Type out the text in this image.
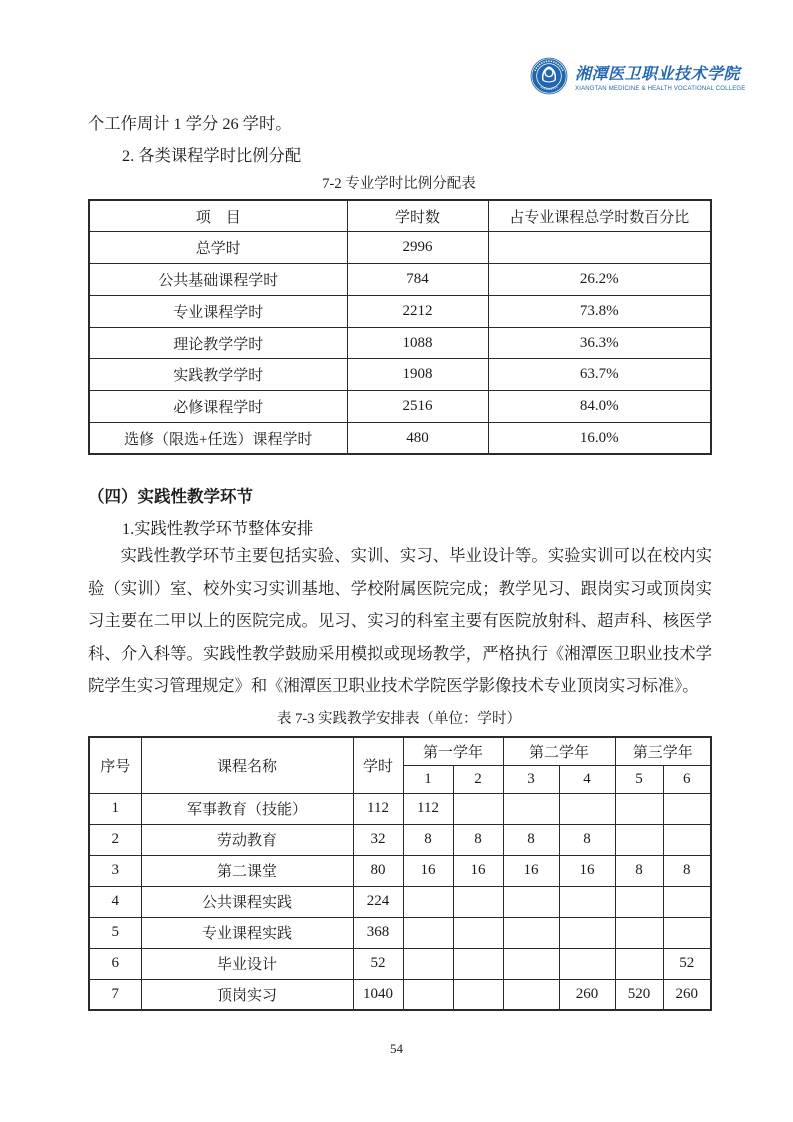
湘潭医卫职业技术学院
XIANGTAN MEDICINE & HEALTH VOCATIONAL COLLEGE
个工作周计 1 学分 26 学时。
2. 各类课程学时比例分配
7-2 专业学时比例分配表
项　目	学时数	占专业课程总学时数百分比
总学时	2996	
公共基础课程学时	784	26.2%
专业课程学时	2212	73.8%
理论教学学时	1088	36.3%
实践教学学时	1908	63.7%
必修课程学时	2516	84.0%
选修（限选+任选）课程学时	480	16.0%
（四）实践性教学环节
1.实践性教学环节整体安排
实践性教学环节主要包括实验、实训、实习、毕业设计等。实验实训可以在校内实验（实训）室、校外实习实训基地、学校附属医院完成；教学见习、跟岗实习或顶岗实习主要在二甲以上的医院完成。见习、实习的科室主要有医院放射科、超声科、核医学科、介入科等。实践性教学鼓励采用模拟或现场教学，严格执行《湘潭医卫职业技术学院学生实习管理规定》和《湘潭医卫职业技术学院医学影像技术专业顶岗实习标准》。
表 7-3 实践教学安排表（单位：学时）
序号	课程名称	学时	第一学年		第二学年		第三学年	
			1	2	3	4	5	6
1	军事教育（技能）	112	112					
2	劳动教育	32	8	8	8	8		
3	第二课堂	80	16	16	16	16	8	8
4	公共课程实践	224						
5	专业课程实践	368						
6	毕业设计	52						52
7	顶岗实习	1040				260	520	260
54
